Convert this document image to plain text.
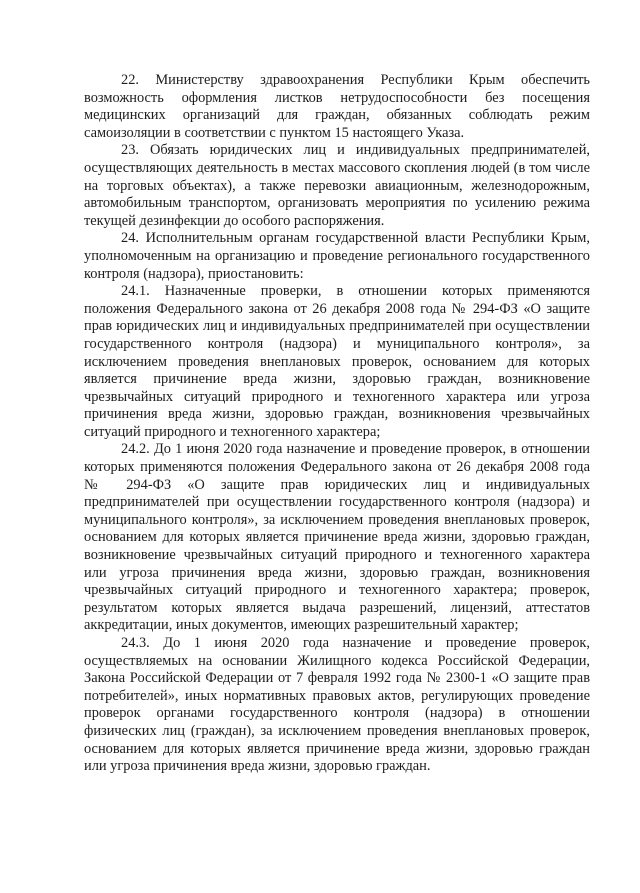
22. Министерству здравоохранения Республики Крым обеспечить возможность оформления листков нетрудоспособности без посещения медицинских организаций для граждан, обязанных соблюдать режим самоизоляции в соответствии с пунктом 15 настоящего Указа.

23. Обязать юридических лиц и индивидуальных предпринимателей, осуществляющих деятельность в местах массового скопления людей (в том числе на торговых объектах), а также перевозки авиационным, железнодорожным, автомобильным транспортом, организовать мероприятия по усилению режима текущей дезинфекции до особого распоряжения.

24. Исполнительным органам государственной власти Республики Крым, уполномоченным на организацию и проведение регионального государственного контроля (надзора), приостановить:

24.1. Назначенные проверки, в отношении которых применяются положения Федерального закона от 26 декабря 2008 года № 294-ФЗ «О защите прав юридических лиц и индивидуальных предпринимателей при осуществлении государственного контроля (надзора) и муниципального контроля», за исключением проведения внеплановых проверок, основанием для которых является причинение вреда жизни, здоровью граждан, возникновение чрезвычайных ситуаций природного и техногенного характера или угроза причинения вреда жизни, здоровью граждан, возникновения чрезвычайных ситуаций природного и техногенного характера;

24.2. До 1 июня 2020 года назначение и проведение проверок, в отношении которых применяются положения Федерального закона от 26 декабря 2008 года № 294-ФЗ «О защите прав юридических лиц и индивидуальных предпринимателей при осуществлении государственного контроля (надзора) и муниципального контроля», за исключением проведения внеплановых проверок, основанием для которых является причинение вреда жизни, здоровью граждан, возникновение чрезвычайных ситуаций природного и техногенного характера или угроза причинения вреда жизни, здоровью граждан, возникновения чрезвычайных ситуаций природного и техногенного характера; проверок, результатом которых является выдача разрешений, лицензий, аттестатов аккредитации, иных документов, имеющих разрешительный характер;

24.3. До 1 июня 2020 года назначение и проведение проверок, осуществляемых на основании Жилищного кодекса Российской Федерации, Закона Российской Федерации от 7 февраля 1992 года № 2300-1 «О защите прав потребителей», иных нормативных правовых актов, регулирующих проведение проверок органами государственного контроля (надзора) в отношении физических лиц (граждан), за исключением проведения внеплановых проверок, основанием для которых является причинение вреда жизни, здоровью граждан или угроза причинения вреда жизни, здоровью граждан.
